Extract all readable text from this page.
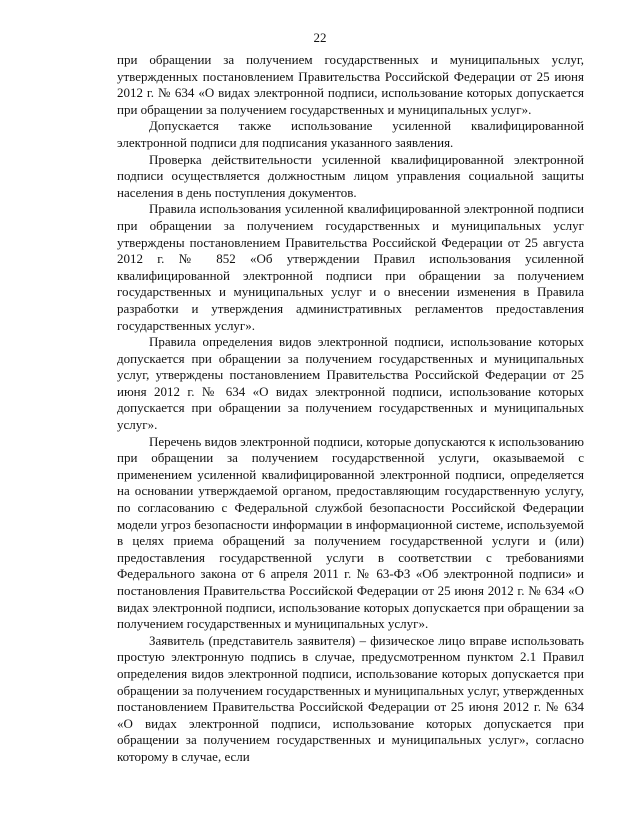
22

при обращении за получением государственных и муниципальных услуг, утвержденных постановлением Правительства Российской Федерации от 25 июня 2012 г. № 634 «О видах электронной подписи, использование которых допускается при обращении за получением государственных и муниципальных услуг».

Допускается также использование усиленной квалифицированной электронной подписи для подписания указанного заявления.

Проверка действительности усиленной квалифицированной электронной подписи осуществляется должностным лицом управления социальной защиты населения в день поступления документов.

Правила использования усиленной квалифицированной электронной подписи при обращении за получением государственных и муниципальных услуг утверждены постановлением Правительства Российской Федерации от 25 августа 2012 г. № 852 «Об утверждении Правил использования усиленной квалифицированной электронной подписи при обращении за получением государственных и муниципальных услуг и о внесении изменения в Правила разработки и утверждения административных регламентов предоставления государственных услуг».

Правила определения видов электронной подписи, использование которых допускается при обращении за получением государственных и муниципальных услуг, утверждены постановлением Правительства Российской Федерации от 25 июня 2012 г. № 634 «О видах электронной подписи, использование которых допускается при обращении за получением государственных и муниципальных услуг».

Перечень видов электронной подписи, которые допускаются к использованию при обращении за получением государственной услуги, оказываемой с применением усиленной квалифицированной электронной подписи, определяется на основании утверждаемой органом, предоставляющим государственную услугу, по согласованию с Федеральной службой безопасности Российской Федерации модели угроз безопасности информации в информационной системе, используемой в целях приема обращений за получением государственной услуги и (или) предоставления государственной услуги в соответствии с требованиями Федерального закона от 6 апреля 2011 г. № 63-ФЗ «Об электронной подписи» и постановления Правительства Российской Федерации от 25 июня 2012 г. № 634 «О видах электронной подписи, использование которых допускается при обращении за получением государственных и муниципальных услуг».

Заявитель (представитель заявителя) – физическое лицо вправе использовать простую электронную подпись в случае, предусмотренном пунктом 2.1 Правил определения видов электронной подписи, использование которых допускается при обращении за получением государственных и муниципальных услуг, утвержденных постановлением Правительства Российской Федерации от 25 июня 2012 г. № 634 «О видах электронной подписи, использование которых допускается при обращении за получением государственных и муниципальных услуг», согласно которому в случае, если
